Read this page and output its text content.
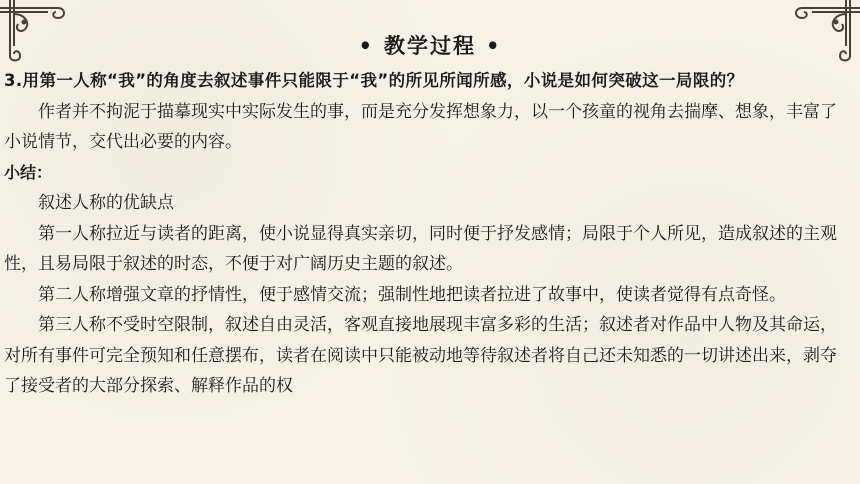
• 教学过程 •

3.用第一人称“我”的角度去叙述事件只能限于“我”的所见所闻所感，小说是如何突破这一局限的？

作者并不拘泥于描摹现实中实际发生的事，而是充分发挥想象力，以一个孩童的视角去揣摩、想象，丰富了小说情节，交代出必要的内容。

小结：

叙述人称的优缺点

第一人称拉近与读者的距离，使小说显得真实亲切，同时便于抒发感情；局限于个人所见，造成叙述的主观性，且易局限于叙述的时态，不便于对广阔历史主题的叙述。

第二人称增强文章的抒情性，便于感情交流；强制性地把读者拉进了故事中，使读者觉得有点奇怪。

第三人称不受时空限制，叙述自由灵活，客观直接地展现丰富多彩的生活；叙述者对作品中人物及其命运，对所有事件可完全预知和任意摆布，读者在阅读中只能被动地等待叙述者将自己还未知悉的一切讲述出来，剥夺了接受者的大部分探索、解释作品的权
